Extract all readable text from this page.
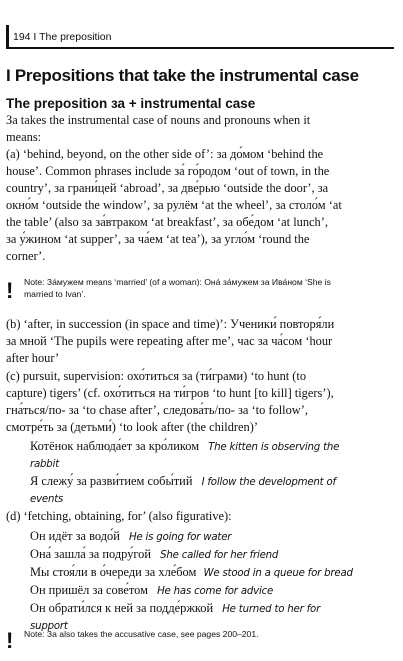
194 I The preposition
I Prepositions that take the instrumental case
The preposition за + instrumental case
За takes the instrumental case of nouns and pronouns when it
means:
(a) ‘behind, beyond, on the other side of’: за до́мом ‘behind the
house’. Common phrases include за́ го́родом ‘out of town, in the
country’, за грани́цей ‘abroad’, за две́рью ‘outside the door’, за
окно́м ‘outside the window’, за рулём ‘at the wheel’, за столо́м ‘at
the table’ (also за за́втраком ‘at breakfast’, за обе́дом ‘at lunch’,
за у́жином ‘at supper’, за ча́ем ‘at tea’), за угло́м ‘round the
corner’.
! Note: За́мужем means ‘married’ (of a woman): Она́ за́мужем за Ива́ном ‘She is
married to Ivan’.
(b) ‘after, in succession (in space and time)’: Ученики́ повторя́ли
за мной ‘The pupils were repeating after me’, час за ча́сом ‘hour
after hour’
(c) pursuit, supervision: охо́титься за (ти́грами) ‘to hunt (to
capture) tigers’ (cf. охо́титься на ти́гров ‘to hunt [to kill] tigers’),
гна́ться/по- за ‘to chase after’, следова́ть/по- за ‘to follow’,
смотре́ть за (детьми́) ‘to look after (the children)’
Котёнок наблюда́ет за кро́ликом The kitten is observing the
rabbit
Я слежу́ за разви́тием собы́тий I follow the development of
events
(d) ‘fetching, obtaining, for’ (also figurative):
Он идёт за водо́й He is going for water
Она́ зашла́ за подру́гой She called for her friend
Мы стоя́ли в о́череди за хле́бом We stood in a queue for bread
Он пришёл за сове́том He has come for advice
Он обрати́лся к ней за подде́ржкой He turned to her for
support
! Note: За also takes the accusative case, see pages 200–201.
